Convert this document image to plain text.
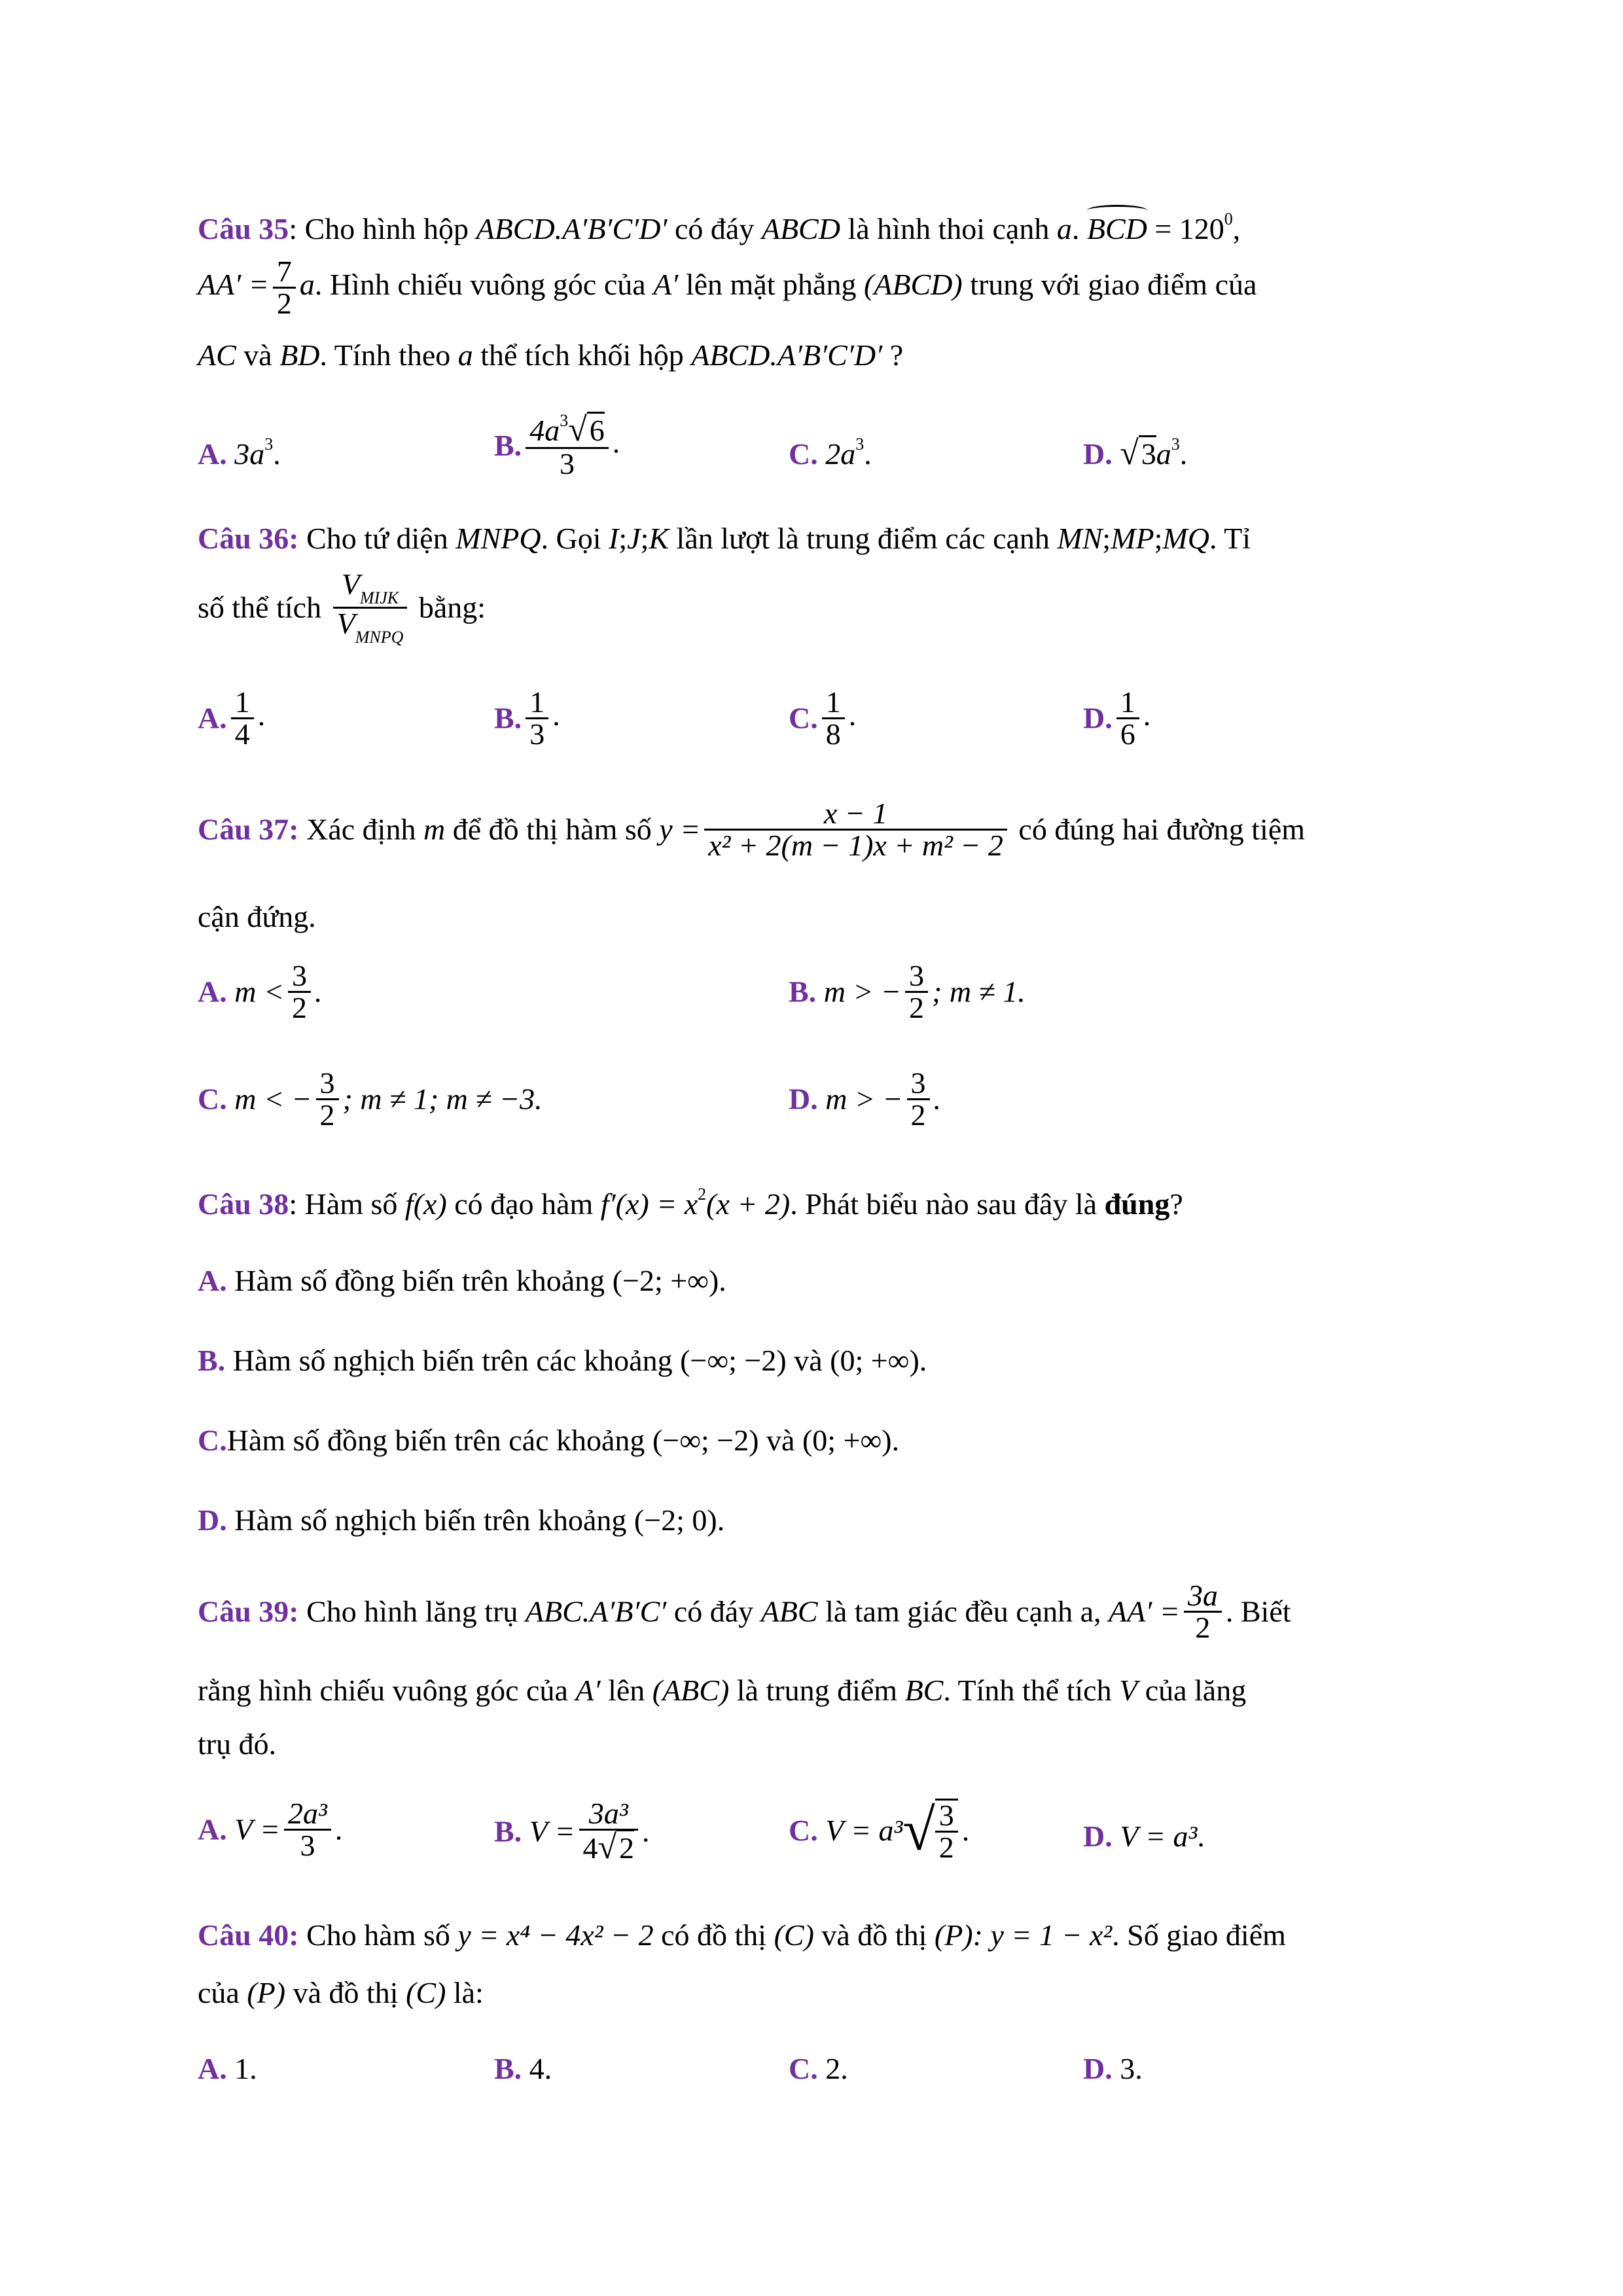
Câu 35: Cho hình hộp ABCD.A′B′C′D′ có đáy ABCD là hình thoi cạnh a. BCD = $120^0$,
$AA' = \frac{7}{2} a$. Hình chiếu vuông góc của A′ lên mặt phẳng (ABCD) trung với giao điểm của
AC và BD. Tính theo a thể tích khối hộp ABCD.A′B′C′D′ ?
A. $3a^3$.	B. $\frac{4a^3√6}{3}$ .	C. $2a^3$.	D. $√3a^3$.
Câu 36: Cho tứ diện MNPQ. Gọi I;J;K lần lượt là trung điểm các cạnh MN;MP;MQ. Tỉ
số thể tích $\frac{V_{MIJK}}{V_{MNPQ}}$ bằng:
A. $\frac{1}{4}$ .	B. $\frac{1}{3}$ .	C. $\frac{1}{8}$ .	D. $\frac{1}{6}$ .
Câu 37: Xác định m để đồ thị hàm số $y = \frac{x - 1}{\text{x² + 2(m − 1)x + m² − 2}}$ có đúng hai đường tiệm
cận đứng.
A. $m < \frac{3}{2}$ .	B. m > − $\frac{3}{2}$ ; m ≠ 1.
C. m < − $\frac{3}{2}$ ; m ≠ 1; m ≠ −3.	D. m > − $\frac{3}{2}$ .
Câu 38: Hàm số f(x) có đạo hàm $f'(x) = x^2(x + 2)$. Phát biểu nào sau đây là đúng?
A. Hàm số đồng biến trên khoảng (−2; +∞).
B. Hàm số nghịch biến trên các khoảng (−∞; −2) và (0; +∞).
C.Hàm số đồng biến trên các khoảng (−∞; −2) và (0; +∞).
D. Hàm số nghịch biến trên khoảng (−2; 0).
Câu 39: Cho hình lăng trụ ABC.A′B′C′ có đáy ABC là tam giác đều cạnh a, $AA' = \frac{3a}{2}$ . Biết
rằng hình chiếu vuông góc của A′ lên (ABC) là trung điểm BC. Tính thể tích V của lăng
trụ đó.
A. $V = \frac{\text{2a³}}{3}$ .	B. $V = \frac{\text{3a³}}{4√2}$ .	C. $V = a^3√ \frac{3}{2}$ .	D. V = a³.
Câu 40: Cho hàm số y = x⁴ − 4x² − 2 có đồ thị (C) và đồ thị (P): y = 1 − x². Số giao điểm
của (P) và đồ thị (C) là:
A. 1.	B. 4.	C. 2.	D. 3.
